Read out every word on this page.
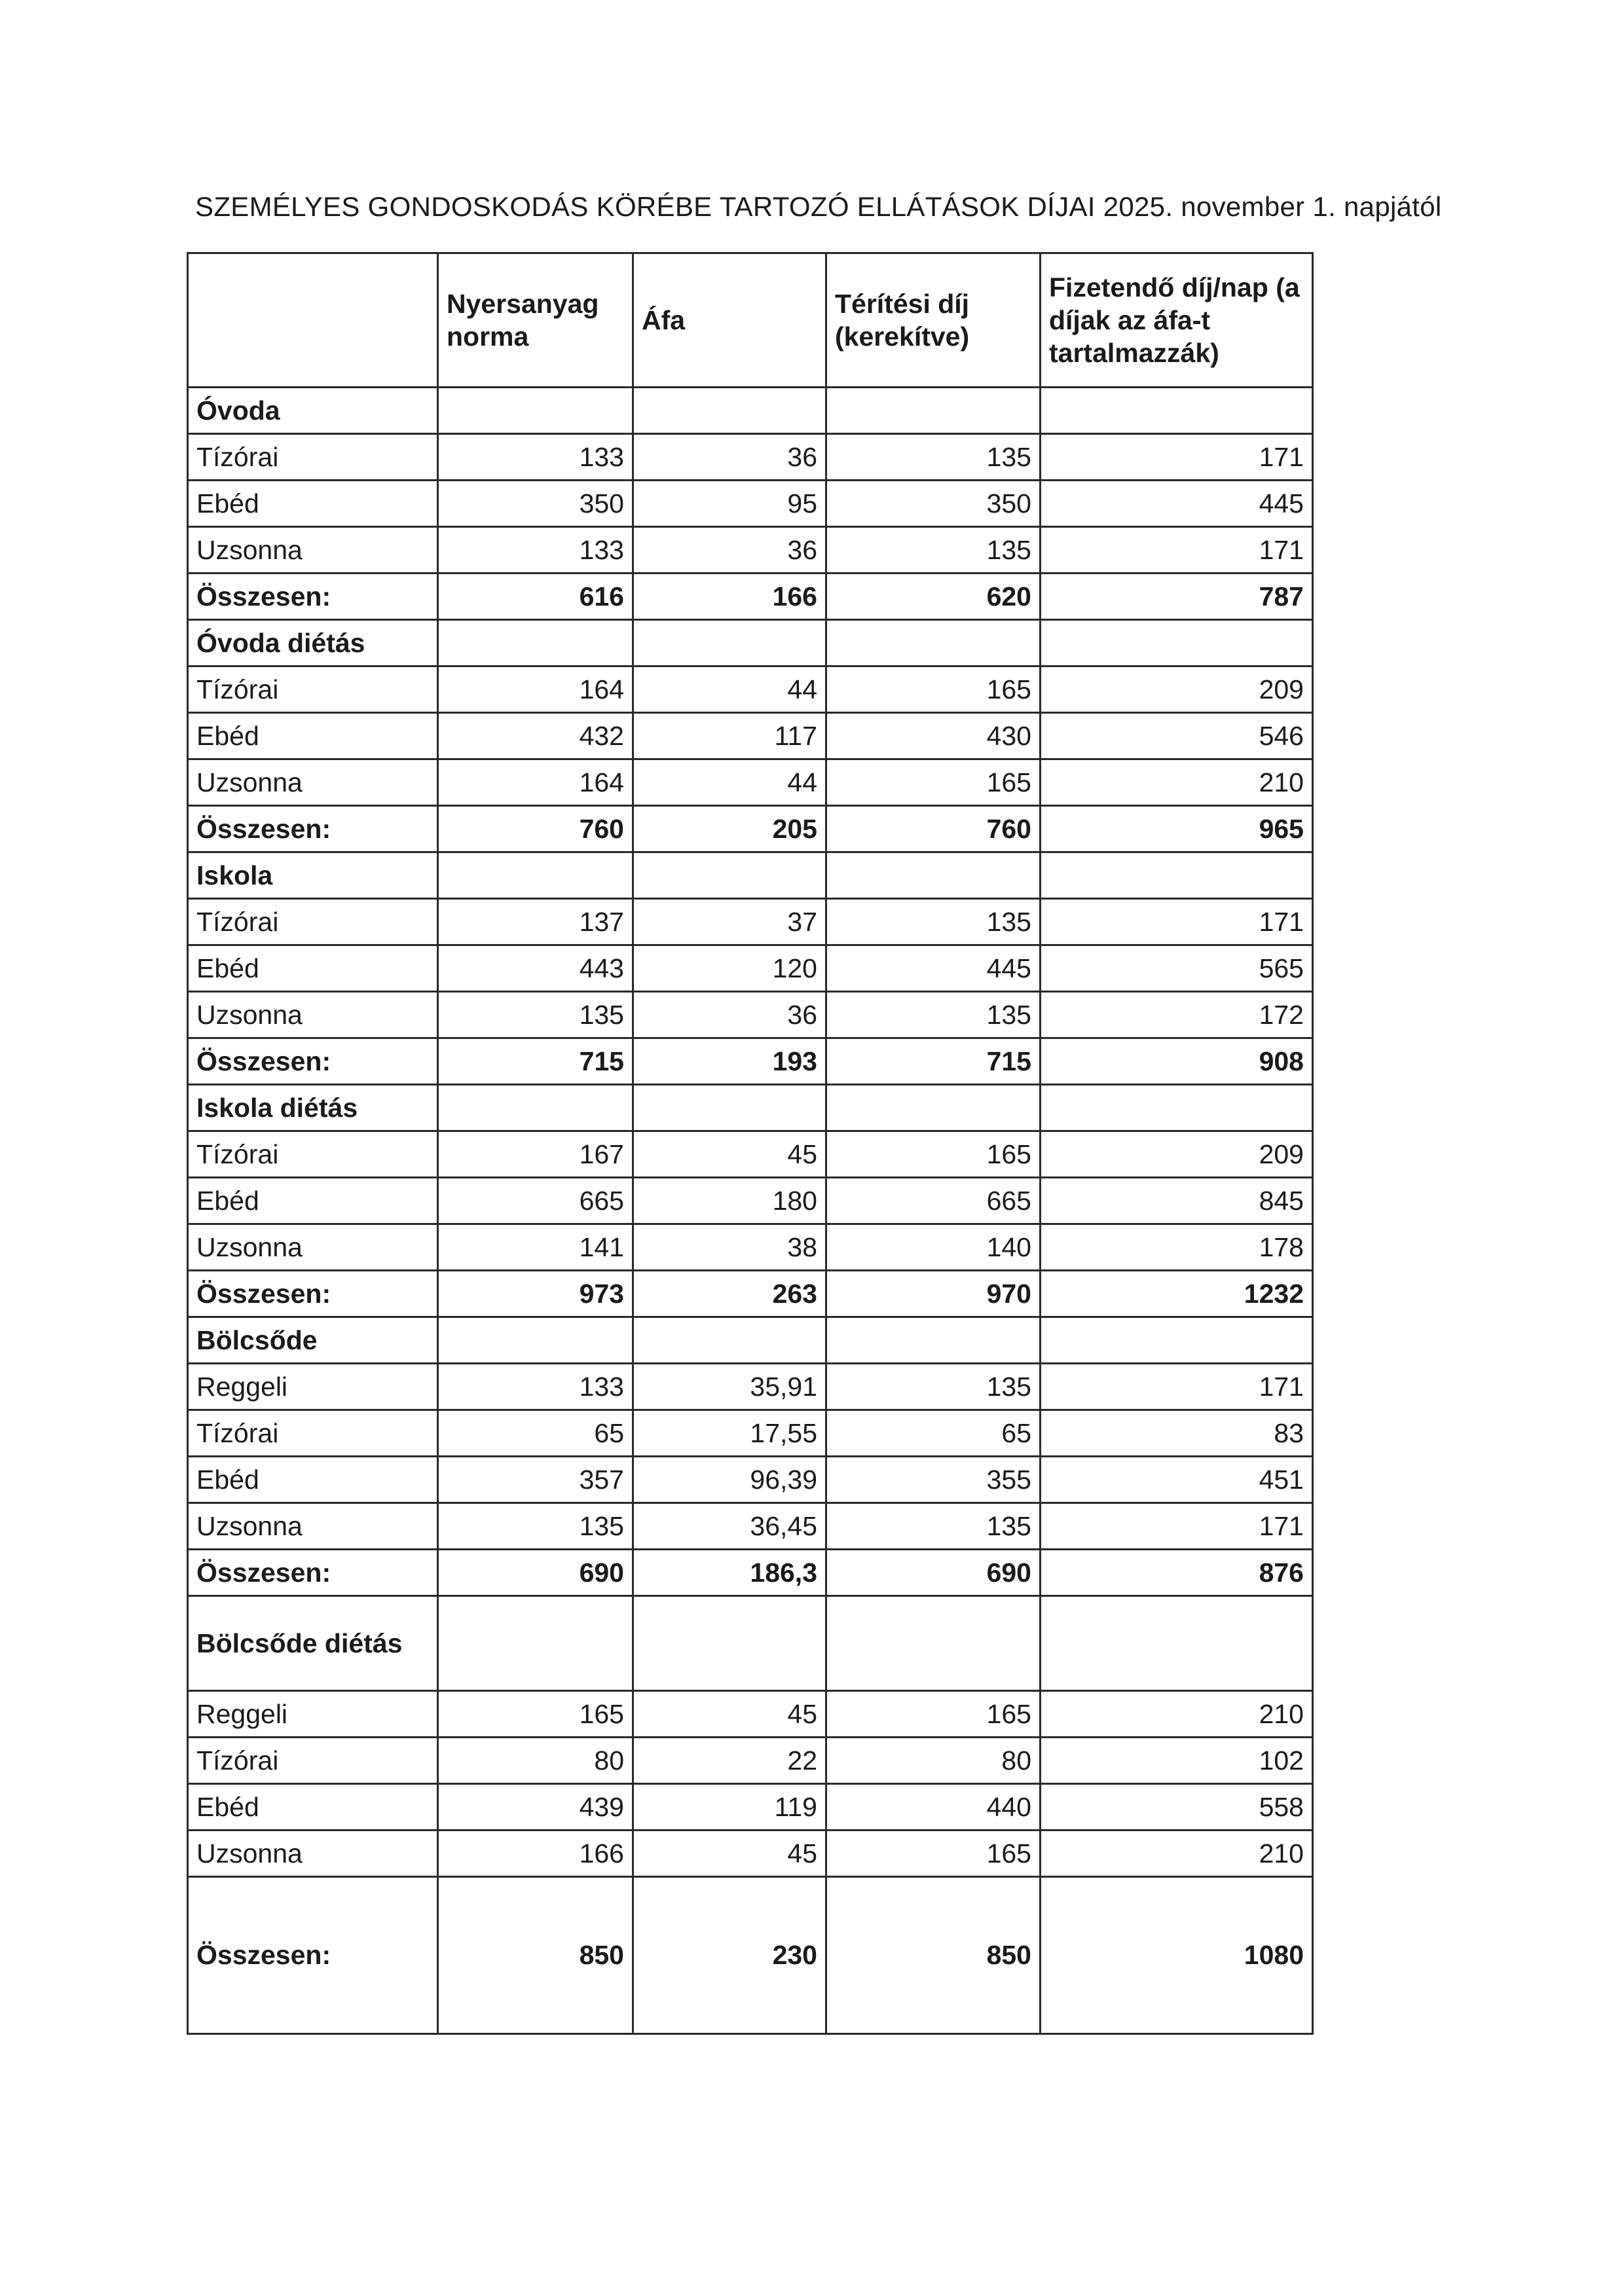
SZEMÉLYES GONDOSKODÁS KÖRÉBE TARTOZÓ ELLÁTÁSOK DÍJAI 2025. november 1. napjától
	Nyersanyag norma	Áfa	Térítési díj (kerekítve)	Fizetendő díj/nap (a díjak az áfa-t tartalmazzák)
Óvoda				
Tízórai	133	36	135	171
Ebéd	350	95	350	445
Uzsonna	133	36	135	171
Összesen:	616	166	620	787
Óvoda diétás				
Tízórai	164	44	165	209
Ebéd	432	117	430	546
Uzsonna	164	44	165	210
Összesen:	760	205	760	965
Iskola				
Tízórai	137	37	135	171
Ebéd	443	120	445	565
Uzsonna	135	36	135	172
Összesen:	715	193	715	908
Iskola diétás				
Tízórai	167	45	165	209
Ebéd	665	180	665	845
Uzsonna	141	38	140	178
Összesen:	973	263	970	1232
Bölcsőde				
Reggeli	133	35,91	135	171
Tízórai	65	17,55	65	83
Ebéd	357	96,39	355	451
Uzsonna	135	36,45	135	171
Összesen:	690	186,3	690	876
Bölcsőde diétás				
Reggeli	165	45	165	210
Tízórai	80	22	80	102
Ebéd	439	119	440	558
Uzsonna	166	45	165	210
Összesen:	850	230	850	1080
